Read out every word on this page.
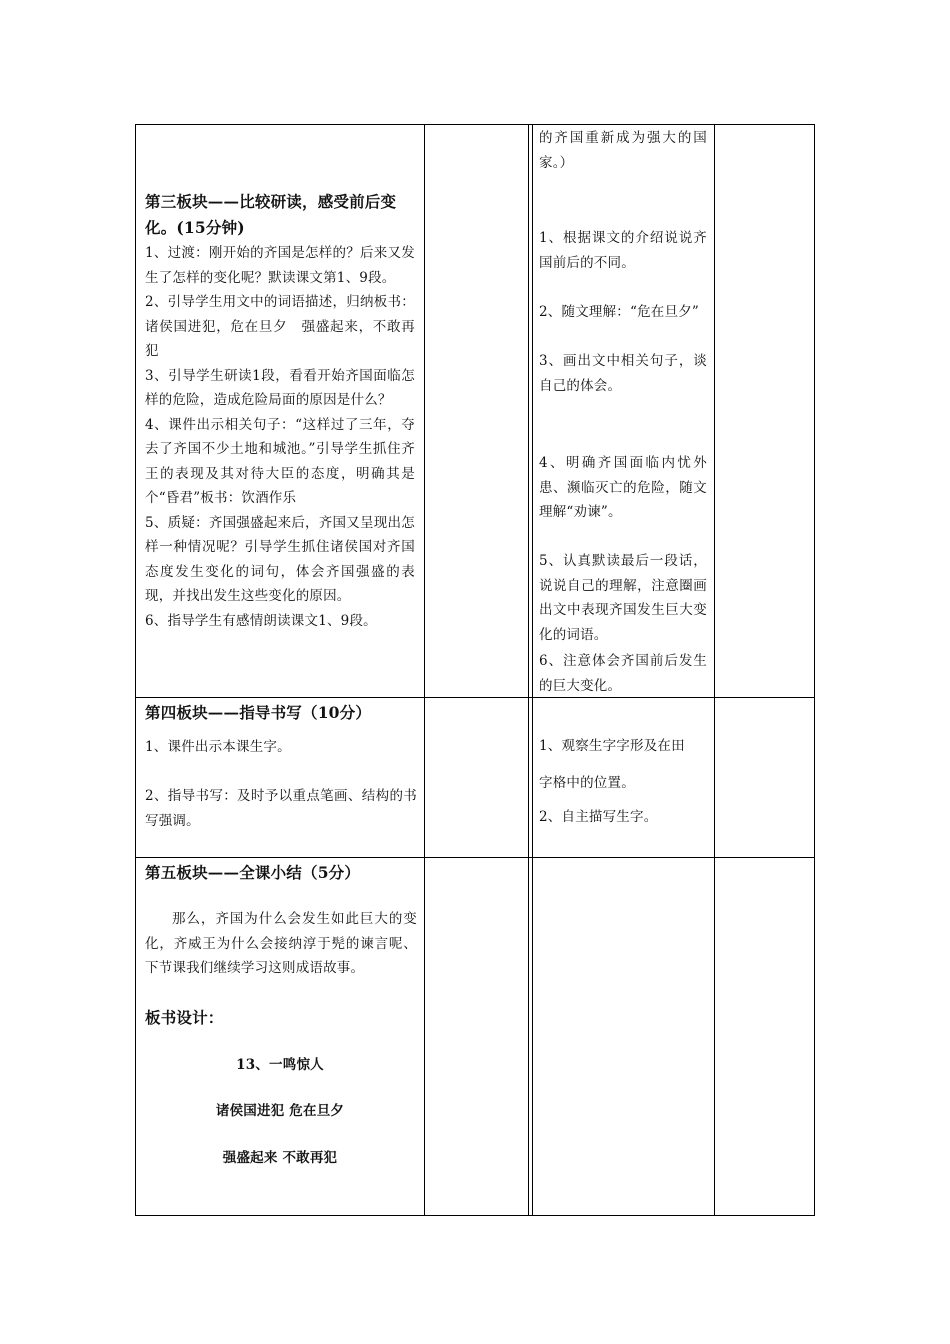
第三板块——比较研读，感受前后变化。(15分钟)

1、过渡：刚开始的齐国是怎样的？后来又发生了怎样的变化呢？默读课文第1、9段。

2、引导学生用文中的词语描述，归纳板书：诸侯国进犯，危在旦夕　强盛起来，不敢再犯

3、引导学生研读1段，看看开始齐国面临怎样的危险，造成危险局面的原因是什么？

4、课件出示相关句子：“这样过了三年，夺去了齐国不少土地和城池。”引导学生抓住齐王的表现及其对待大臣的态度，明确其是个“昏君”板书：饮酒作乐

5、质疑：齐国强盛起来后，齐国又呈现出怎样一种情况呢？引导学生抓住诸侯国对齐国态度发生变化的词句，体会齐国强盛的表现，并找出发生这些变化的原因。

6、指导学生有感情朗读课文1、9段。

的齐国重新成为强大的国家。）
1、根据课文的介绍说说齐国前后的不同。
2、随文理解：“危在旦夕”
3、画出文中相关句子，谈自己的体会。
4、明确齐国面临内忧外患、濒临灭亡的危险，随文理解“劝谏”。
5、认真默读最后一段话，说说自己的理解，注意圈画出文中表现齐国发生巨大变化的词语。
6、注意体会齐国前后发生的巨大变化。

第四板块——指导书写（10分）

1、课件出示本课生字。
2、指导书写：及时予以重点笔画、结构的书写强调。
1、观察生字字形及在田
字格中的位置。
2、自主描写生字。

第五板块——全课小结（5分）

那么，齐国为什么会发生如此巨大的变化，齐威王为什么会接纳淳于髡的谏言呢、下节课我们继续学习这则成语故事。
板书设计：
13、一鸣惊人
诸侯国进犯 危在旦夕
强盛起来 不敢再犯
